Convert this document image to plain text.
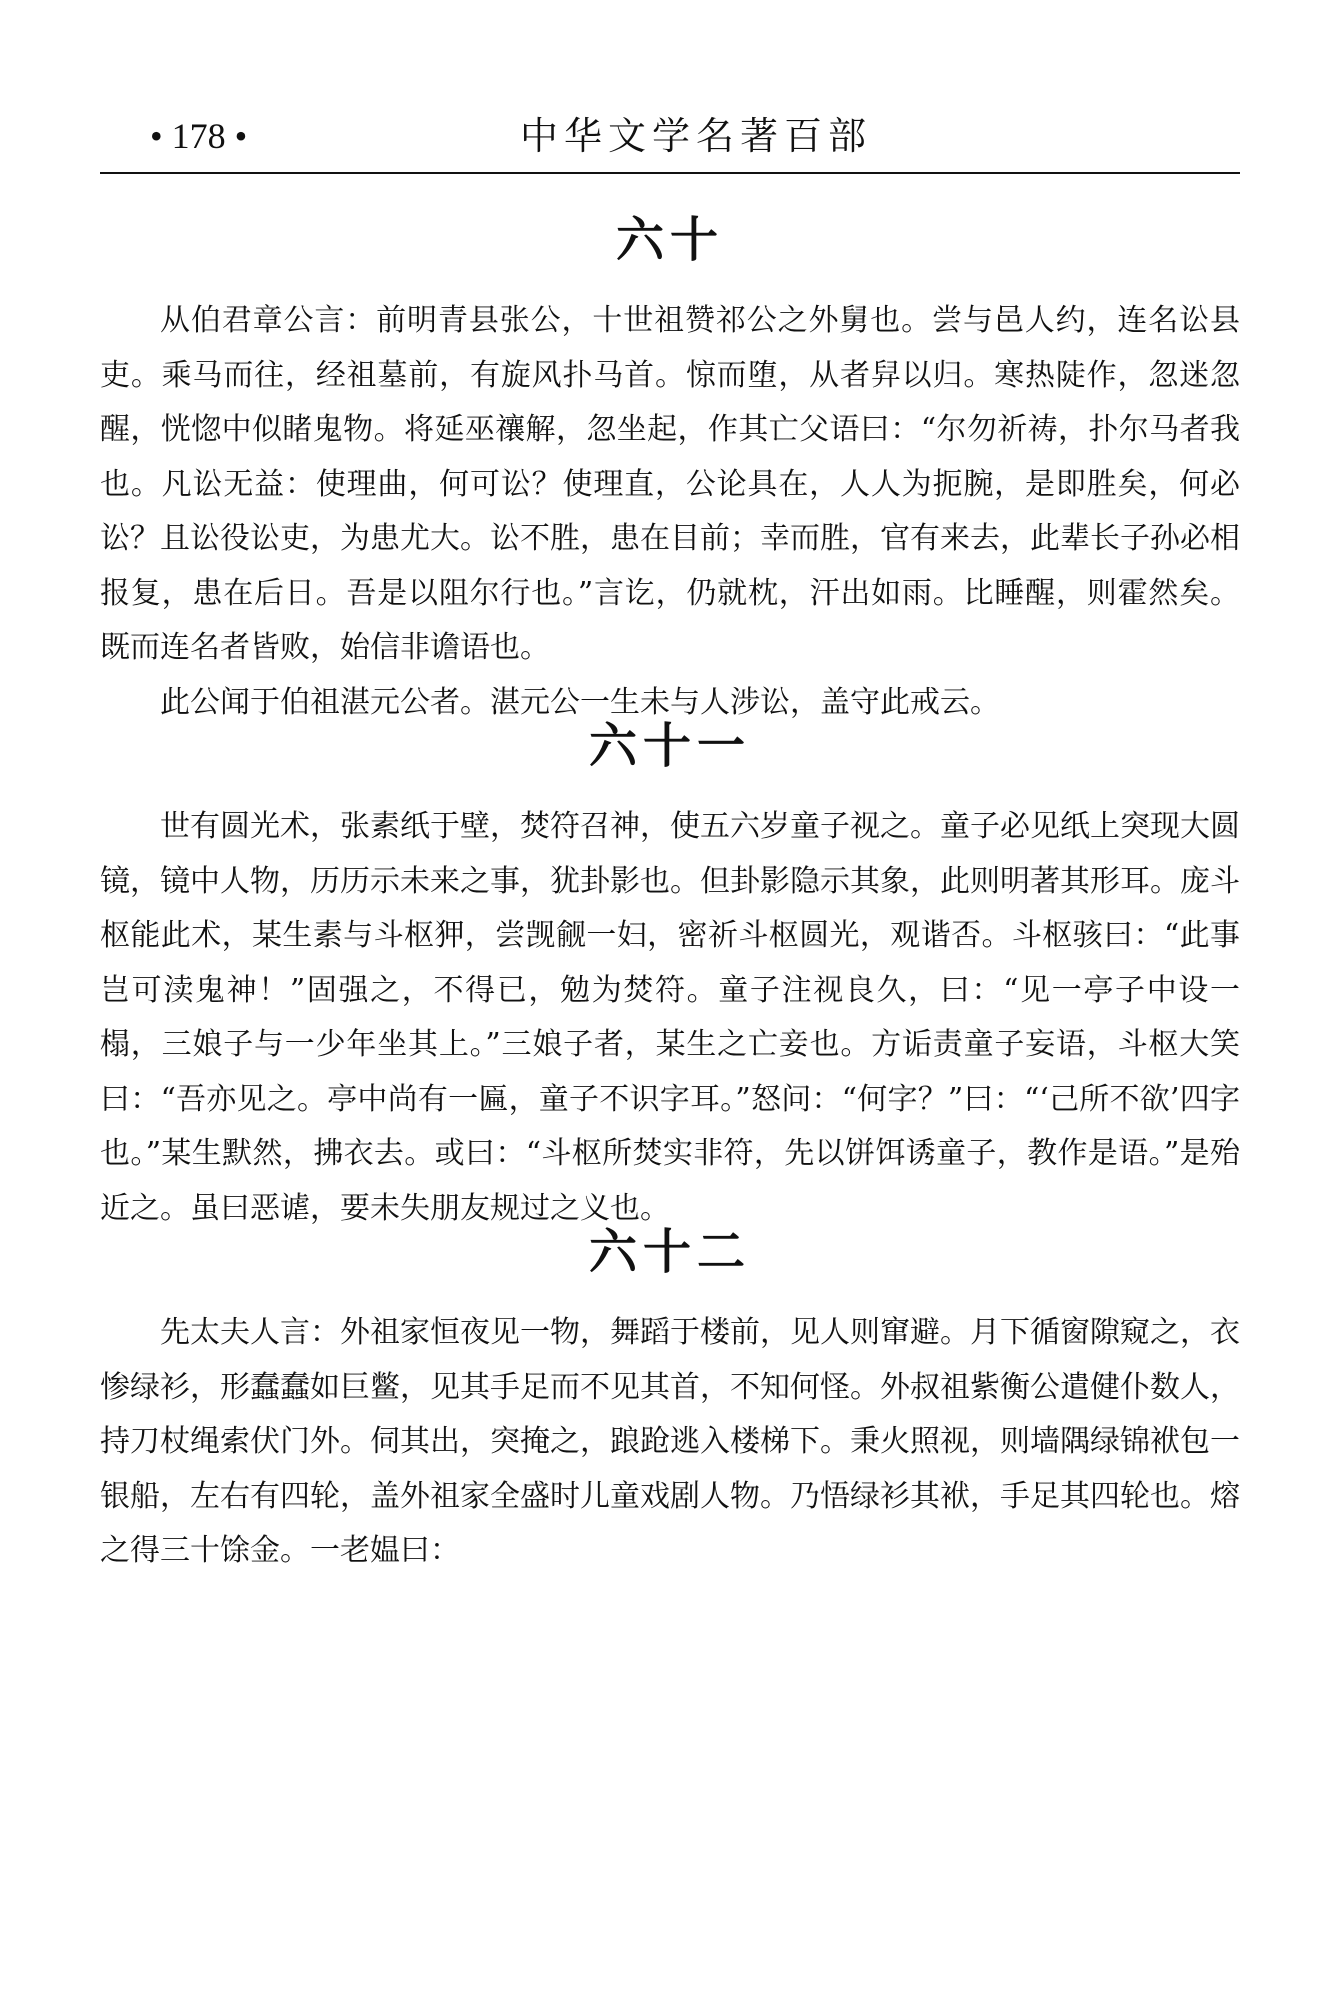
• 178 •	中华文学名著百部
六十

从伯君章公言：前明青县张公，十世祖赞祁公之外舅也。尝与邑人约，连名讼县吏。乘马而往，经祖墓前，有旋风扑马首。惊而堕，从者舁以归。寒热陡作，忽迷忽醒，恍惚中似睹鬼物。将延巫禳解，忽坐起，作其亡父语曰：“尔勿祈祷，扑尔马者我也。凡讼无益：使理曲，何可讼？使理直，公论具在，人人为扼腕，是即胜矣，何必讼？且讼役讼吏，为患尤大。讼不胜，患在目前；幸而胜，官有来去，此辈长子孙必相报复，患在后日。吾是以阻尔行也。”言讫，仍就枕，汗出如雨。比睡醒，则霍然矣。既而连名者皆败，始信非谵语也。

此公闻于伯祖湛元公者。湛元公一生未与人涉讼，盖守此戒云。

六十一

世有圆光术，张素纸于壁，焚符召神，使五六岁童子视之。童子必见纸上突现大圆镜，镜中人物，历历示未来之事，犹卦影也。但卦影隐示其象，此则明著其形耳。庞斗枢能此术，某生素与斗枢狎，尝觊觎一妇，密祈斗枢圆光，观谐否。斗枢骇曰：“此事岂可渎鬼神！”固强之，不得已，勉为焚符。童子注视良久，曰：“见一亭子中设一榻，三娘子与一少年坐其上。”三娘子者，某生之亡妾也。方诟责童子妄语，斗枢大笑曰：“吾亦见之。亭中尚有一匾，童子不识字耳。”怒问：“何字？”曰：“‘己所不欲’四字也。”某生默然，拂衣去。或曰：“斗枢所焚实非符，先以饼饵诱童子，教作是语。”是殆近之。虽曰恶谑，要未失朋友规过之义也。

六十二

先太夫人言：外祖家恒夜见一物，舞蹈于楼前，见人则窜避。月下循窗隙窥之，衣惨绿衫，形蠢蠢如巨鳖，见其手足而不见其首，不知何怪。外叔祖紫衡公遣健仆数人，持刀杖绳索伏门外。伺其出，突掩之，踉跄逃入楼梯下。秉火照视，则墙隅绿锦袱包一银船，左右有四轮，盖外祖家全盛时儿童戏剧人物。乃悟绿衫其袱，手足其四轮也。熔之得三十馀金。一老媪曰：
